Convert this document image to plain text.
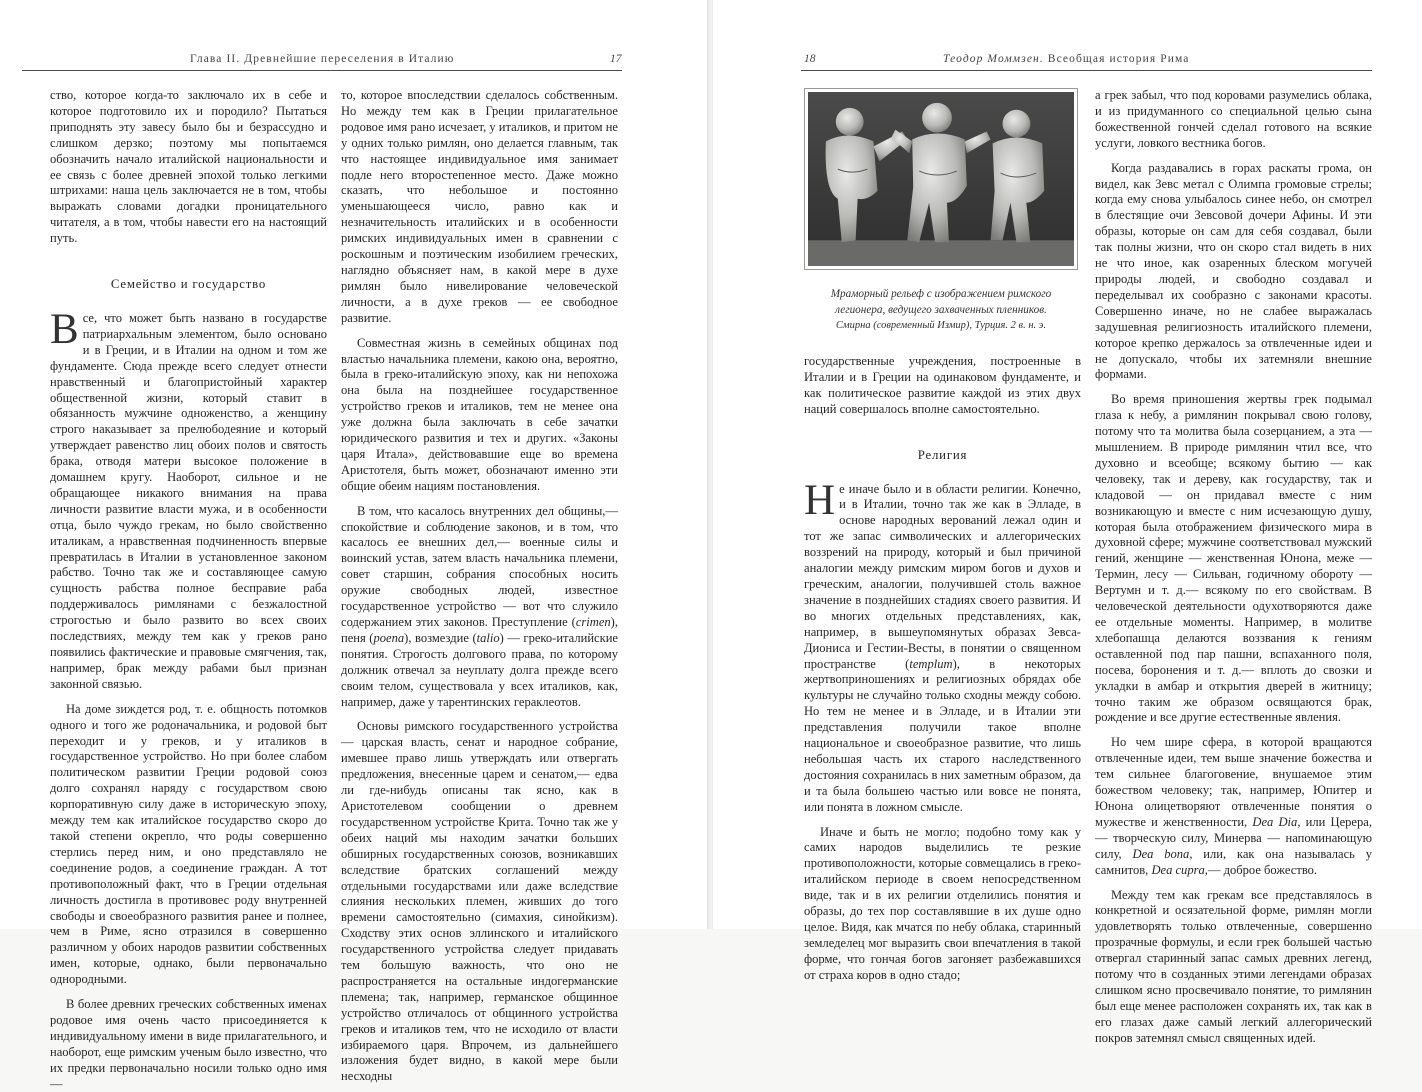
Глава II. Древнейшие переселения в Италию	17

ство, которое когда-то заключало их в себе и которое подготовило их и породило? Пытаться приподнять эту завесу было бы и безрассудно и слишком дерзко; поэтому мы попытаемся обозначить начало италийской национальности и ее связь с более древней эпохой только легкими штрихами: наша цель заключается не в том, чтобы выражать словами догадки проницательного читателя, а в том, чтобы навести его на настоящий путь.

Семейство и государство

Все, что может быть названо в государстве патриархальным элементом, было основано и в Греции, и в Италии на одном и том же фундаменте. Сюда прежде всего следует отнести нравственный и благопристойный характер общественной жизни, который ставит в обязанность мужчине одноженство, а женщину строго наказывает за прелюбодеяние и который утверждает равенство лиц обоих полов и святость брака, отводя матери высокое положение в домашнем кругу. Наоборот, сильное и не обращающее никакого внимания на права личности развитие власти мужа, и в особенности отца, было чуждо грекам, но было свойственно италикам, а нравственная подчиненность впервые превратилась в Италии в установленное законом рабство. Точно так же и составляющее самую сущность рабства полное бесправие раба поддерживалось римлянами с безжалостной строгостью и было развито во всех своих последствиях, между тем как у греков рано появились фактические и правовые смягчения, так, например, брак между рабами был признан законной связью.

На доме зиждется род, т. е. общность потомков одного и того же родоначальника, и родовой быт переходит и у греков, и у италиков в государственное устройство. Но при более слабом политическом развитии Греции родовой союз долго сохранял наряду с государством свою корпоративную силу даже в историческую эпоху, между тем как италийское государство скоро до такой степени окрепло, что роды совершенно стерлись перед ним, и оно представляло не соединение родов, а соединение граждан. А тот противоположный факт, что в Греции отдельная личность достигла в противовес роду внутренней свободы и своеобразного развития ранее и полнее, чем в Риме, ясно отразился в совершенно различном у обоих народов развитии собственных имен, которые, однако, были первоначально однородными.

В более древних греческих собственных именах родовое имя очень часто присоединяется к индивидуальному имени в виде прилагательного, и наоборот, еще римским ученым было известно, что их предки первоначально носили только одно имя —

то, которое впоследствии сделалось собственным. Но между тем как в Греции прилагательное родовое имя рано исчезает, у италиков, и притом не у одних только римлян, оно делается главным, так что настоящее индивидуальное имя занимает подле него второстепенное место. Даже можно сказать, что небольшое и постоянно уменьшающееся число, равно как и незначительность италийских и в особенности римских индивидуальных имен в сравнении с роскошным и поэтическим изобилием греческих, наглядно объясняет нам, в какой мере в духе римлян было нивелирование человеческой личности, а в духе греков — ее свободное развитие.

Совместная жизнь в семейных общинах под властью начальника племени, какою она, вероятно, была в греко-италийскую эпоху, как ни непохожа она была на позднейшее государственное устройство греков и италиков, тем не менее она уже должна была заключать в себе зачатки юридического развития и тех и других. «Законы царя Итала», действовавшие еще во времена Аристотеля, быть может, обозначают именно эти общие обеим нациям постановления.

В том, что касалось внутренних дел общины,— спокойствие и соблюдение законов, и в том, что касалось ее внешних дел,— военные силы и воинский устав, затем власть начальника племени, совет старшин, собрания способных носить оружие свободных людей, известное государственное устройство — вот что служило содержанием этих законов. Преступление (crimen), пеня (poena), возмездие (talio) — греко-италийские понятия. Строгость долгового права, по которому должник отвечал за неуплату долга прежде всего своим телом, существовала у всех италиков, как, например, даже у тарентинских гераклеотов.

Основы римского государственного устройства — царская власть, сенат и народное собрание, имевшее право лишь утверждать или отвергать предложения, внесенные царем и сенатом,— едва ли где-нибудь описаны так ясно, как в Аристотелевом сообщении о древнем государственном устройстве Крита. Точно так же у обеих наций мы находим зачатки больших обширных государственных союзов, возникавших вследствие братских соглашений между отдельными государствами или даже вследствие слияния нескольких племен, живших до того времени самостоятельно (симахия, синойкизм). Сходству этих основ эллинского и италийского государственного устройства следует придавать тем большую важность, что оно не распространяется на остальные индогерманские племена; так, например, германское общинное устройство отличалось от общинного устройства греков и италиков тем, что не исходило от власти избираемого царя. Впрочем, из дальнейшего изложения будет видно, в какой мере были несходны

18	Теодор Моммзен. Всеобщая история Рима
Мраморный рельеф с изображением римского легионера, ведущего захваченных пленников.
Смирна (современный Измир), Турция. 2 в. н. э.

государственные учреждения, построенные в Италии и в Греции на одинаковом фундаменте, и как политическое развитие каждой из этих двух наций совершалось вполне самостоятельно.

Религия

Не иначе было и в области религии. Конечно, и в Италии, точно так же как в Элладе, в основе народных верований лежал один и тот же запас символических и аллегорических воззрений на природу, который и был причиной аналогии между римским миром богов и духов и греческим, аналогии, получившей столь важное значение в позднейших стадиях своего развития. И во многих отдельных представлениях, как, например, в вышеупомянутых образах Зевса-Диониса и Гестии-Весты, в понятии о священном пространстве (templum), в некоторых жертвоприношениях и религиозных обрядах обе культуры не случайно только сходны между собою. Но тем не менее и в Элладе, и в Италии эти представления получили такое вполне национальное и своеобразное развитие, что лишь небольшая часть их старого наследственного достояния сохранилась в них заметным образом, да и та была большею частью или вовсе не понята, или понята в ложном смысле.

Иначе и быть не могло; подобно тому как у самих народов выделились те резкие противоположности, которые совмещались в греко-италийском периоде в своем непосредственном виде, так и в их религии отделились понятия и образы, до тех пор составлявшие в их душе одно целое. Видя, как мчатся по небу облака, старинный земледелец мог выразить свои впечатления в такой форме, что гончая богов загоняет разбежавшихся от страха коров в одно стадо;

а грек забыл, что под коровами разумелись облака, и из придуманного со специальной целью сына божественной гончей сделал готового на всякие услуги, ловкого вестника богов.

Когда раздавались в горах раскаты грома, он видел, как Зевс метал с Олимпа громовые стрелы; когда ему снова улыбалось синее небо, он смотрел в блестящие очи Зевсовой дочери Афины. И эти образы, которые он сам для себя создавал, были так полны жизни, что он скоро стал видеть в них не что иное, как озаренных блеском могучей природы людей, и свободно создавал и переделывал их сообразно с законами красоты. Совершенно иначе, но не слабее выражалась задушевная религиозность италийского племени, которое крепко держалось за отвлеченные идеи и не допускало, чтобы их затемняли внешние формами.

Во время приношения жертвы грек подымал глаза к небу, а римлянин покрывал свою голову, потому что та молитва была созерцанием, а эта — мышлением. В природе римлянин чтил все, что духовно и всеобще; всякому бытию — как человеку, так и дереву, как государству, так и кладовой — он придавал вместе с ним возникающую и вместе с ним исчезающую душу, которая была отображением физического мира в духовной сфере; мужчине соответствовал мужский гений, женщине — женственная Юнона, меже — Термин, лесу — Сильван, годичному обороту — Вертумн и т. д.— всякому по его свойствам. В человеческой деятельности одухотворяются даже ее отдельные моменты. Например, в молитве хлебопашца делаются воззвания к гениям оставленной под пар пашни, вспаханного поля, посева, боронения и т. д.— вплоть до свозки и укладки в амбар и открытия дверей в житницу; точно таким же образом освящаются брак, рождение и все другие естественные явления.

Но чем шире сфера, в которой вращаются отвлеченные идеи, тем выше значение божества и тем сильнее благоговение, внушаемое этим божеством человеку; так, например, Юпитер и Юнона олицетворяют отвлеченные понятия о мужестве и женственности, Dea Dia, или Церера,— творческую силу, Минерва — напоминающую силу, Dea bona, или, как она называлась у самнитов, Dea cupra,— доброе божество.

Между тем как грекам все представлялось в конкретной и осязательной форме, римлян могли удовлетворять только отвлеченные, совершенно прозрачные формулы, и если грек большей частью отвергал старинный запас самых древних легенд, потому что в созданных этими легендами образах слишком ясно просвечивало понятие, то римлянин был еще менее расположен сохранять их, так как в его глазах даже самый легкий аллегорический покров затемнял смысл священных идей.
